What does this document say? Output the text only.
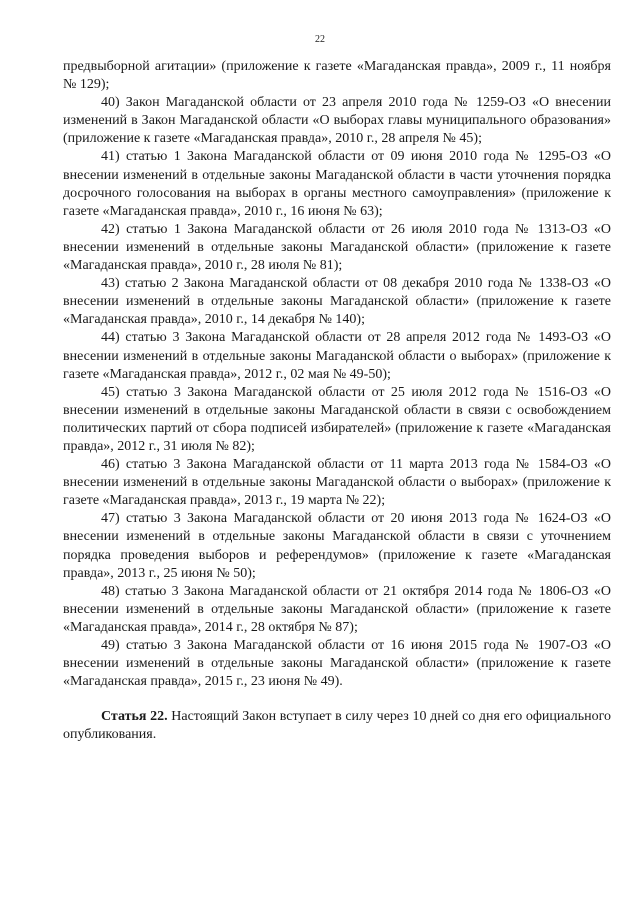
22

предвыборной агитации» (приложение к газете «Магаданская правда», 2009 г., 11 ноября № 129);

40) Закон Магаданской области от 23 апреля 2010 года № 1259-ОЗ «О внесении изменений в Закон Магаданской области «О выборах главы муниципального образования» (приложение к газете «Магаданская правда», 2010 г., 28 апреля № 45);

41) статью 1 Закона Магаданской области от 09 июня 2010 года № 1295-ОЗ «О внесении изменений в отдельные законы Магаданской области в части уточнения порядка досрочного голосования на выборах в органы местного самоуправления» (приложение к газете «Магаданская правда», 2010 г., 16 июня № 63);

42) статью 1 Закона Магаданской области от 26 июля 2010 года № 1313-ОЗ «О внесении изменений в отдельные законы Магаданской области» (приложение к газете «Магаданская правда», 2010 г., 28 июля № 81);

43) статью 2 Закона Магаданской области от 08 декабря 2010 года № 1338-ОЗ «О внесении изменений в отдельные законы Магаданской области» (приложение к газете «Магаданская правда», 2010 г., 14 декабря № 140);

44) статью 3 Закона Магаданской области от 28 апреля 2012 года № 1493-ОЗ «О внесении изменений в отдельные законы Магаданской области о выборах» (приложение к газете «Магаданская правда», 2012 г., 02 мая № 49-50);

45) статью 3 Закона Магаданской области от 25 июля 2012 года № 1516-ОЗ «О внесении изменений в отдельные законы Магаданской области в связи с освобождением политических партий от сбора подписей избирателей» (приложение к газете «Магаданская правда», 2012 г., 31 июля № 82);

46) статью 3 Закона Магаданской области от 11 марта 2013 года № 1584-ОЗ «О внесении изменений в отдельные законы Магаданской области о выборах» (приложение к газете «Магаданская правда», 2013 г., 19 марта № 22);

47) статью 3 Закона Магаданской области от 20 июня 2013 года № 1624-ОЗ «О внесении изменений в отдельные законы Магаданской области в связи с уточнением порядка проведения выборов и референдумов» (приложение к газете «Магаданская правда», 2013 г., 25 июня № 50);

48) статью 3 Закона Магаданской области от 21 октября 2014 года № 1806-ОЗ «О внесении изменений в отдельные законы Магаданской области» (приложение к газете «Магаданская правда», 2014 г., 28 октября № 87);

49) статью 3 Закона Магаданской области от 16 июня 2015 года № 1907-ОЗ «О внесении изменений в отдельные законы Магаданской области» (приложение к газете «Магаданская правда», 2015 г., 23 июня № 49).

Статья 22. Настоящий Закон вступает в силу через 10 дней со дня его официального опубликования.
